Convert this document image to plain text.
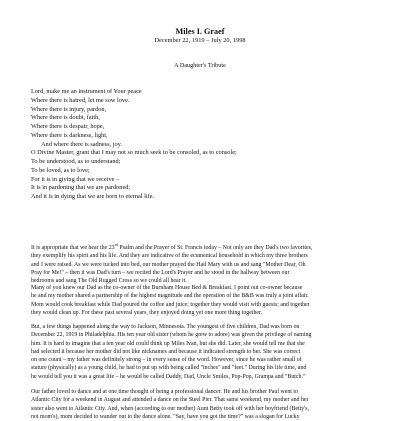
Miles I. Graef
December 22, 1919 – July 20, 1998
A Daughter's Tribute
Lord, make me an instrument of Your peace
Where there is hatred, let me sow love.
Where there is injury, pardon,
Where there is doubt, faith,
Where there is despair, hope,
Where there is darkness, light,
And where there is sadness, joy.
O Divine Master, grant that I may not so much seek to be consoled, as to console;
To be understood, as to understand;
To be loved, as to love;
For it is in giving that we receive –
It is in pardoning that we are pardoned;
And it is in dying that we are born to eternal life.
It is appropriate that we hear the 23rd Psalm and the Prayer of St. Francis today – Not only are they Dad's two favorites,
they exemplify his spirit and his life. And they are indicative of the ecumenical household in which my three brothers
and I were raised. As we were tucked into bed, our mother prayed the Hail Mary with us and sang "Mother Dear, Oh
Pray for Me!" – then it was Dad's turn – we recited the Lord's Prayer and he stood in the hallway between our
bedrooms and sang The Old Rugged Cross so we could all hear it.
Many of you knew our Dad as the co-owner of the Burnham House Bed & Breakfast. I point out co-owner because
he and my mother shared a partnership of the highest magnitude and the operation of the B&B was truly a joint affair.
Mom would cook breakfast while Dad poured the coffee and juice; together they would visit with guests; and together
they would clean up. For these past several years, they enjoyed doing yet one more thing together.
But, a few things happened along the way to Jackson, Minnesota. The youngest of five children, Dad was born on
December 22, 1919 in Philadelphia. His ten year old sister (whom he grew to adore) was given the privilege of naming
him. It is hard to imagine that a ten year old could think up Miles Ivan, but she did. Later, she would tell me that she
had selected it because her mother did not like nicknames and because it indicated strength to her. She was correct
on one count – my father was definitely strong – in every sense of the word. However, since he was rather small of
stature (physically) as a young child, he had to put up with being called "inches" and "feet." During his life time, and
he would tell you it was a great life – he would be called Daddy, Dad, Uncle Smiles, Pop-Pop, Grampa and "Butch."
Our father loved to dance and at one time thought of being a professional dancer. He and his brother Paul went to
Atlantic City for a weekend in August and attended a dance on the Steel Pier. That same weekend, my mother and her
sister also went to Atlantic City. And, when (according to our mother) Aunt Betty took off with her boyfriend (Betty's,
not mom's), mom decided to wander out to the dance alone. "Say, have you got the time?" was a slogan for Lucky
